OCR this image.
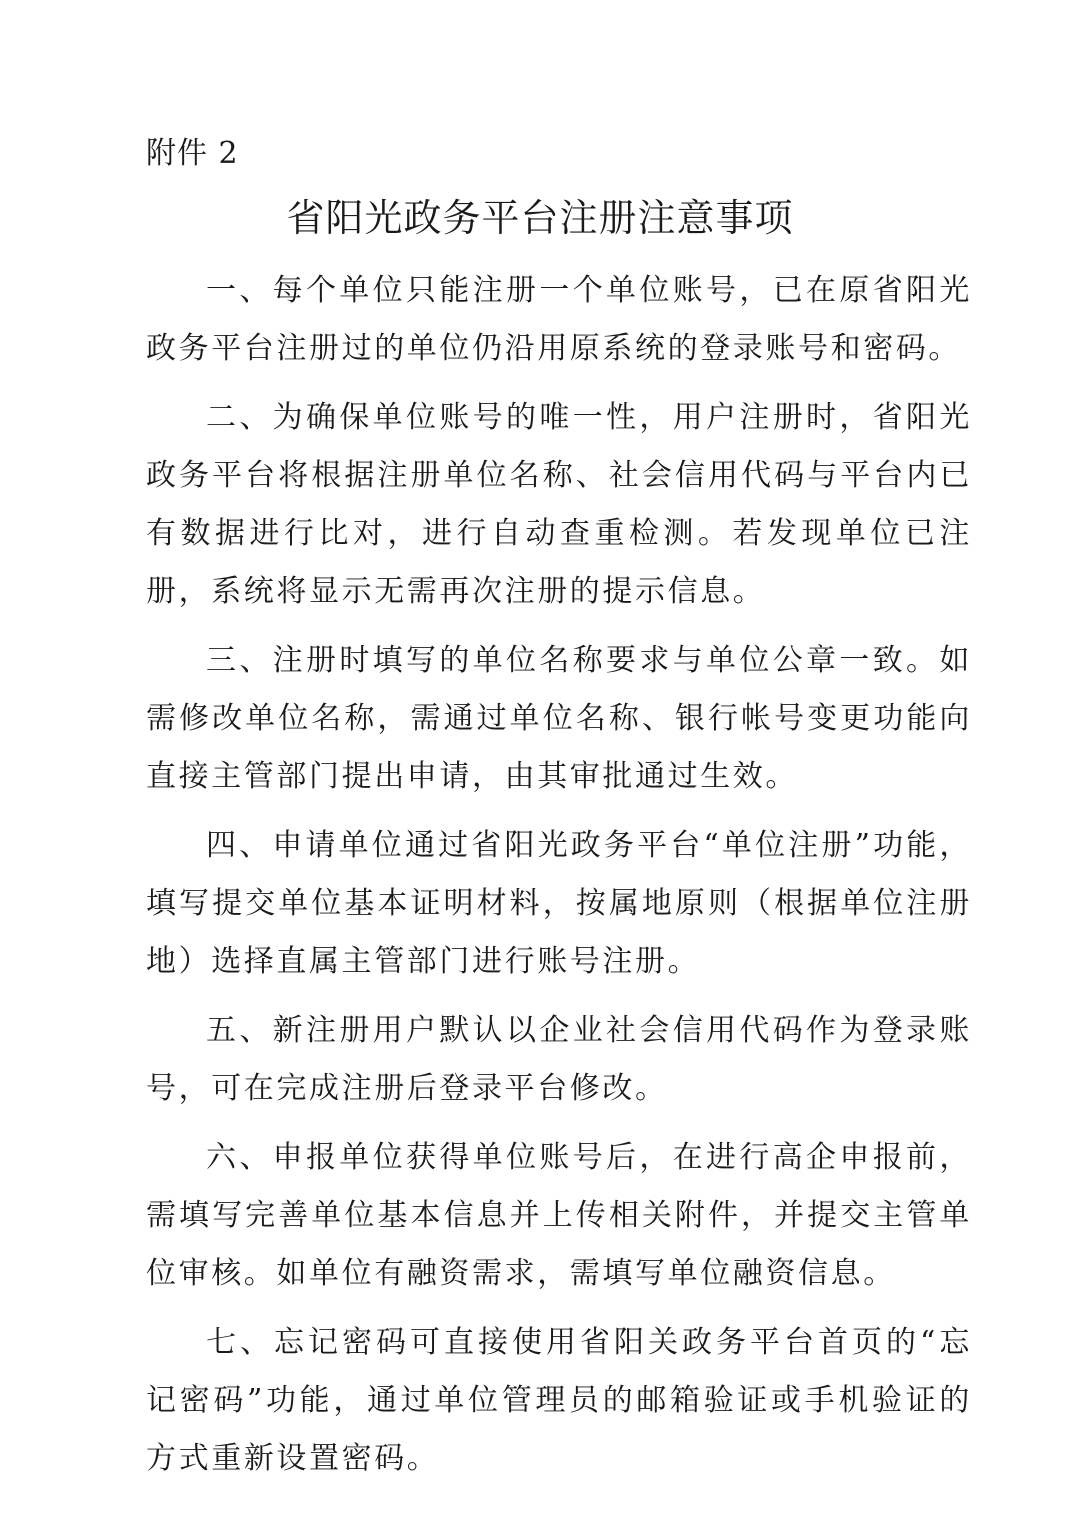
附件 2
省阳光政务平台注册注意事项

一、每个单位只能注册一个单位账号，已在原省阳光政务平台注册过的单位仍沿用原系统的登录账号和密码。

二、为确保单位账号的唯一性，用户注册时，省阳光政务平台将根据注册单位名称、社会信用代码与平台内已有数据进行比对，进行自动查重检测。若发现单位已注册，系统将显示无需再次注册的提示信息。

三、注册时填写的单位名称要求与单位公章一致。如需修改单位名称，需通过单位名称、银行帐号变更功能向直接主管部门提出申请，由其审批通过生效。

四、申请单位通过省阳光政务平台“单位注册”功能，填写提交单位基本证明材料，按属地原则（根据单位注册地）选择直属主管部门进行账号注册。

五、新注册用户默认以企业社会信用代码作为登录账号，可在完成注册后登录平台修改。

六、申报单位获得单位账号后，在进行高企申报前，需填写完善单位基本信息并上传相关附件，并提交主管单位审核。如单位有融资需求，需填写单位融资信息。

七、忘记密码可直接使用省阳关政务平台首页的“忘记密码”功能，通过单位管理员的邮箱验证或手机验证的方式重新设置密码。
